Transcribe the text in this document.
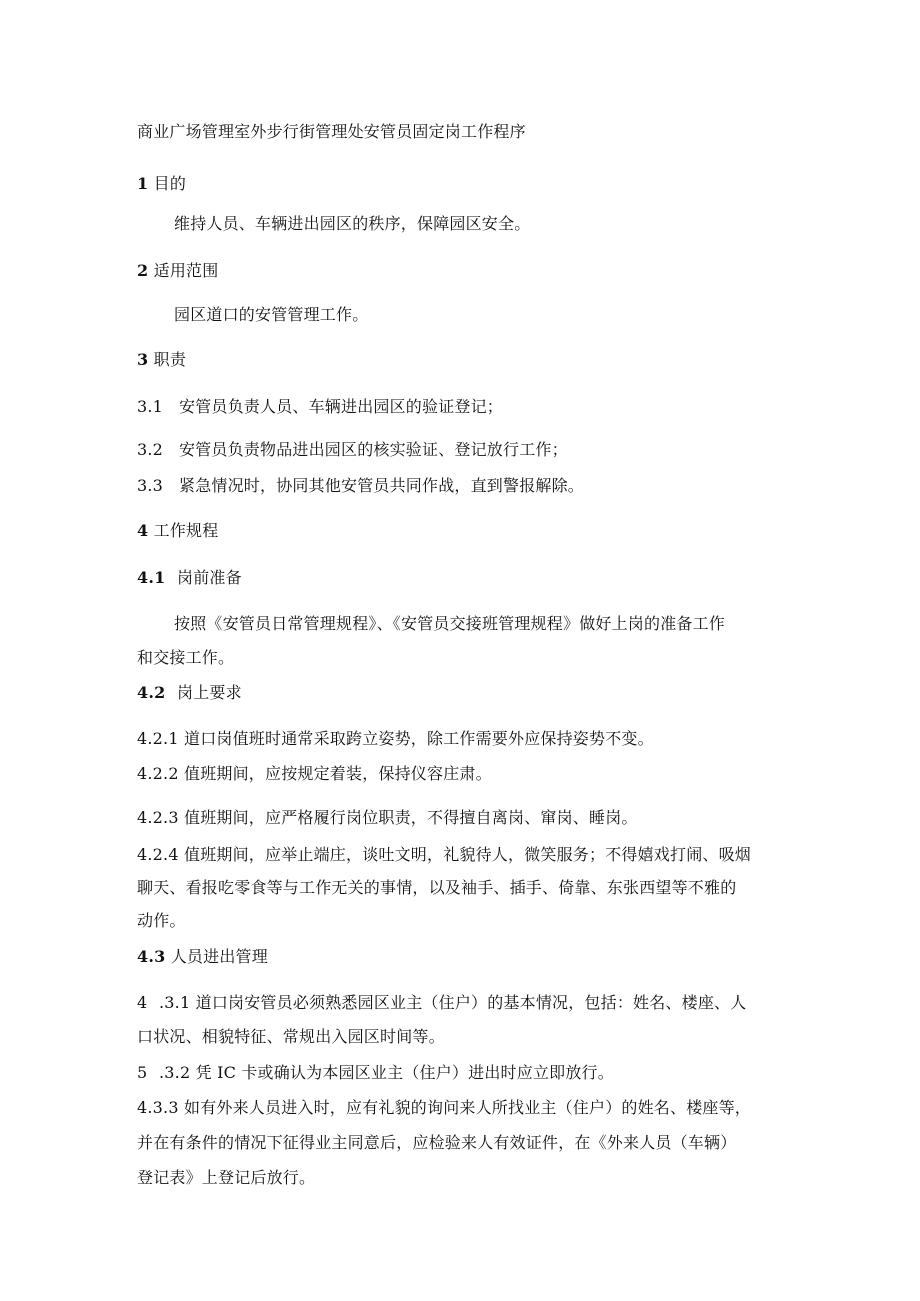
商业广场管理室外步行街管理处安管员固定岗工作程序
1 目的
维持人员、车辆进出园区的秩序，保障园区安全。
2 适用范围
园区道口的安管管理工作。
3 职责
3.1 安管员负责人员、车辆进出园区的验证登记；
3.2 安管员负责物品进出园区的核实验证、登记放行工作；
3.3 紧急情况时，协同其他安管员共同作战，直到警报解除。
4 工作规程
4.1 岗前准备
按照《安管员日常管理规程》、《安管员交接班管理规程》做好上岗的准备工作
和交接工作。
4.2 岗上要求
4.2.1 道口岗值班时通常采取跨立姿势，除工作需要外应保持姿势不变。
4.2.2 值班期间，应按规定着装，保持仪容庄肃。
4.2.3 值班期间，应严格履行岗位职责，不得擅自离岗、窜岗、睡岗。
4.2.4 值班期间，应举止端庄，谈吐文明，礼貌待人，微笑服务；不得嬉戏打闹、吸烟
聊天、看报吃零食等与工作无关的事情，以及袖手、插手、倚靠、东张西望等不雅的
动作。
4.3 人员进出管理
4 .3.1 道口岗安管员必须熟悉园区业主（住户）的基本情况，包括：姓名、楼座、人
口状况、相貌特征、常规出入园区时间等。
5 .3.2 凭 IC 卡或确认为本园区业主（住户）进出时应立即放行。
4.3.3 如有外来人员进入时，应有礼貌的询问来人所找业主（住户）的姓名、楼座等，
并在有条件的情况下征得业主同意后，应检验来人有效证件，在《外来人员（车辆）
登记表》上登记后放行。
